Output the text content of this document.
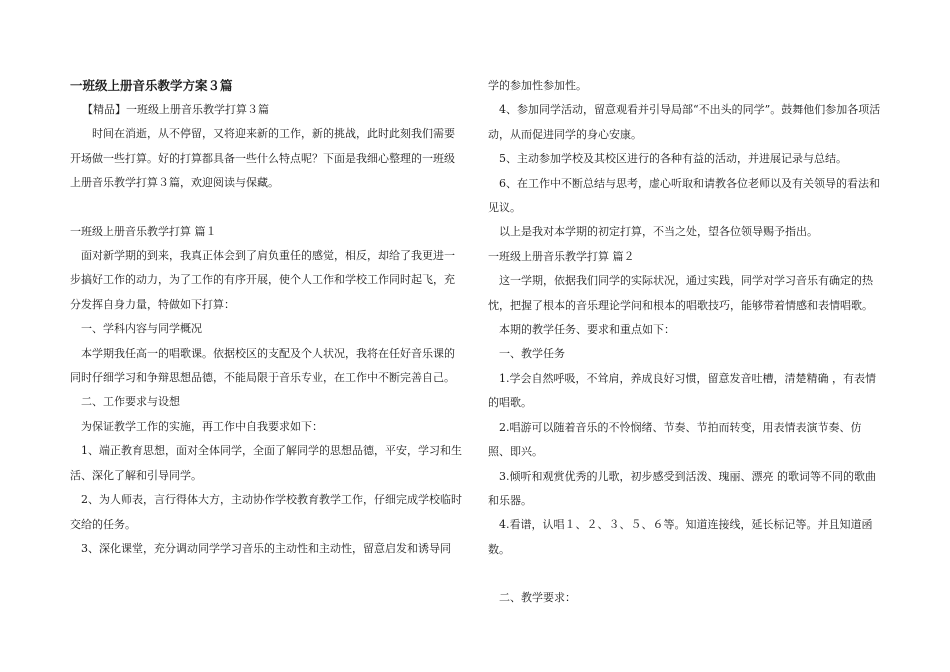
一班级上册音乐教学方案３篇

【精品】一班级上册音乐教学打算３篇

时间在消逝，从不停留，又将迎来新的工作，新的挑战，此时此刻我们需要开场做一些打算。好的打算都具备一些什么特点呢？下面是我细心整理的一班级上册音乐教学打算３篇，欢迎阅读与保藏。

一班级上册音乐教学打算 篇１

面对新学期的到来，我真正体会到了肩负重任的感觉，相反，却给了我更进一步搞好工作的动力，为了工作的有序开展，使个人工作和学校工作同时起飞，充分发挥自身力量，特做如下打算：

一、学科内容与同学概况

本学期我任高一的唱歌课。依据校区的支配及个人状况，我将在任好音乐课的同时仔细学习和争辩思想品德，不能局限于音乐专业，在工作中不断完善自己。

二、工作要求与设想

为保证教学工作的实施，再工作中自我要求如下：

1、端正教育思想，面对全体同学，全面了解同学的思想品德，平安，学习和生活、深化了解和引导同学。

2、为人师表，言行得体大方，主动协作学校教育教学工作，仔细完成学校临时交给的任务。

3、深化课堂，充分调动同学学习音乐的主动性和主动性，留意启发和诱导同

学的参加性参加性。

4、参加同学活动，留意观看并引导局部“不出头的同学”。鼓舞他们参加各项活动，从而促进同学的身心安康。

5、主动参加学校及其校区进行的各种有益的活动，并进展记录与总结。

6、在工作中不断总结与思考，虚心听取和请教各位老师以及有关领导的看法和见议。

以上是我对本学期的初定打算，不当之处，望各位领导赐予指出。

一班级上册音乐教学打算 篇２

这一学期，依据我们同学的实际状况，通过实践，同学对学习音乐有确定的热忱，把握了根本的音乐理论学问和根本的唱歌技巧，能够带着情感和表情唱歌。

本期的教学任务、要求和重点如下：

一、教学任务

1.学会自然呼吸，不耸肩，养成良好习惯，留意发音吐槽，清楚精确 ，有表情的唱歌。

2.唱游可以随着音乐的不怜悯绪、节奏、节拍而转变，用表情表演节奏、仿照、即兴。

3.倾听和观赏优秀的儿歌，初步感受到活泼、瑰丽、漂亮 的歌词等不同的歌曲和乐器。

4.看谱，认唱１、２、３、５、６等。知道连接线，延长标记等。并且知道函数。

二、教学要求：
